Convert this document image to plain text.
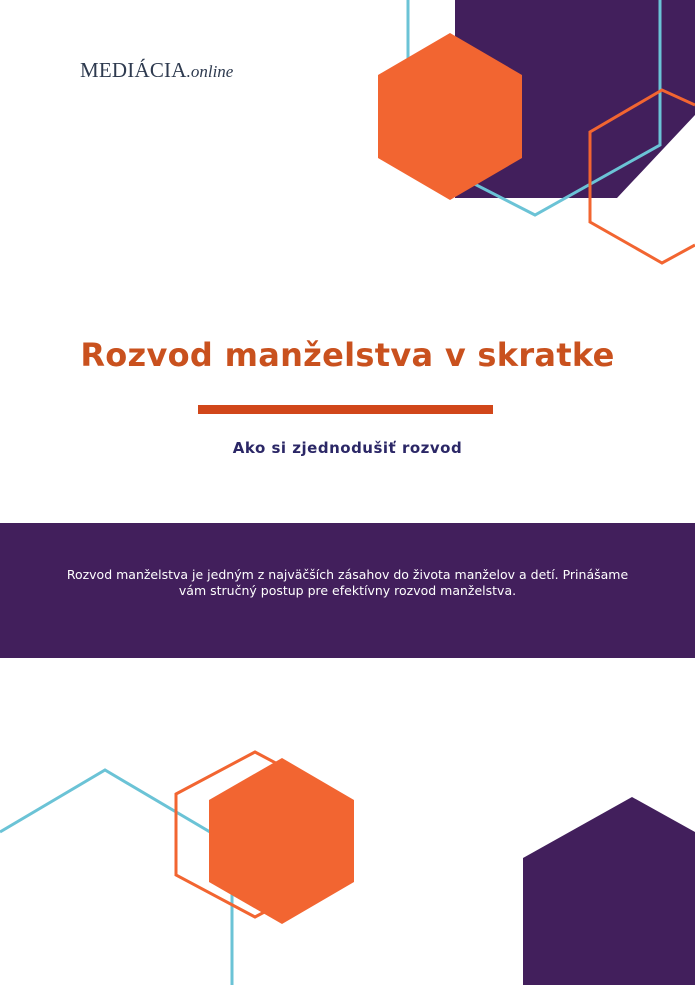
MEDIÁCIA.online
Rozvod manželstva v skratke
Ako si zjednodušiť rozvod
Rozvod manželstva je jedným z najväčších zásahov do života manželov a detí. Prinášame
vám stručný postup pre efektívny rozvod manželstva.
